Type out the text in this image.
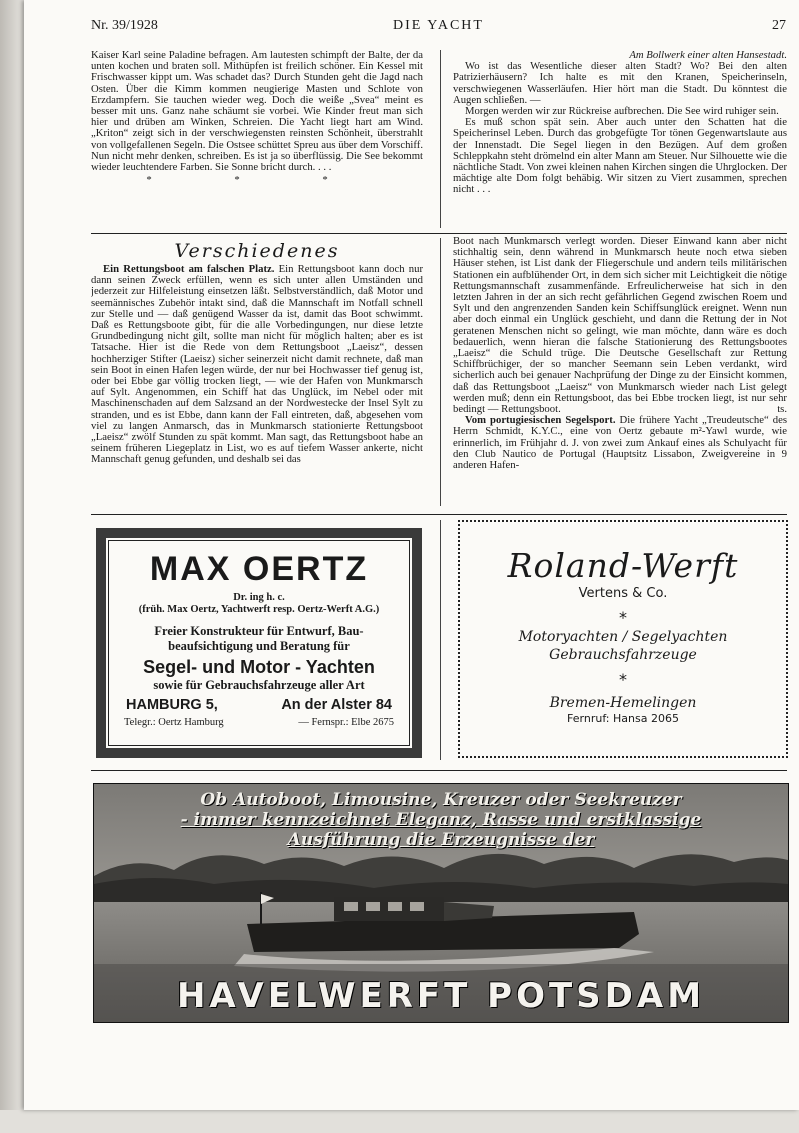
Nr. 39/1928	DIE YACHT	27

Kaiser Karl seine Paladine befragen. Am lautesten schimpft der Balte, der da unten kochen und braten soll. Mithüpfen ist freilich schöner. Ein Kessel mit Frischwasser kippt um. Was schadet das? Durch Stunden geht die Jagd nach Osten. Über die Kimm kommen neugierige Masten und Schlote von Erzdampfern. Sie tauchen wieder weg. Doch die weiße „Svea“ meint es besser mit uns. Ganz nahe schäumt sie vorbei. Wie Kinder freut man sich hier und drüben am Winken, Schreien. Die Yacht liegt hart am Wind. „Kriton“ zeigt sich in der verschwiegensten reinsten Schönheit, überstrahlt von vollgefallenen Segeln. Die Ostsee schüttet Spreu aus über dem Vorschiff. Nun nicht mehr denken, schreiben. Es ist ja so überflüssig. Die See bekommt wieder leuchtendere Farben. Sie Sonne bricht durch. . . .

* * *

Am Bollwerk einer alten Hansestadt.

Wo ist das Wesentliche dieser alten Stadt? Wo? Bei den alten Patrizierhäusern? Ich halte es mit den Kranen, Speicherinseln, verschwiegenen Wasserläufen. Hier hört man die Stadt. Du könntest die Augen schließen. —

Morgen werden wir zur Rückreise aufbrechen. Die See wird ruhiger sein.

Es muß schon spät sein. Aber auch unter den Schatten hat die Speicherinsel Leben. Durch das grobgefügte Tor tönen Gegenwartslaute aus der Innenstadt. Die Segel liegen in den Bezügen. Auf dem großen Schleppkahn steht drömelnd ein alter Mann am Steuer. Nur Silhouette wie die nächtliche Stadt. Von zwei kleinen nahen Kirchen singen die Uhrglocken. Der mächtige alte Dom folgt behäbig. Wir sitzen zu Viert zusammen, sprechen nicht . . .

Verschiedenes

Ein Rettungsboot am falschen Platz. Ein Rettungsboot kann doch nur dann seinen Zweck erfüllen, wenn es sich unter allen Umständen und jederzeit zur Hilfeleistung einsetzen läßt. Selbstverständlich, daß Motor und seemännisches Zubehör intakt sind, daß die Mannschaft im Notfall schnell zur Stelle und — daß genügend Wasser da ist, damit das Boot schwimmt. Daß es Rettungsboote gibt, für die alle Vorbedingungen, nur diese letzte Grundbedingung nicht gilt, sollte man nicht für möglich halten; aber es ist Tatsache. Hier ist die Rede von dem Rettungsboot „Laeisz“, dessen hochherziger Stifter (Laeisz) sicher seinerzeit nicht damit rechnete, daß man sein Boot in einen Hafen legen würde, der nur bei Hochwasser tief genug ist, oder bei Ebbe gar völlig trocken liegt, — wie der Hafen von Munkmarsch auf Sylt. Angenommen, ein Schiff hat das Unglück, im Nebel oder mit Maschinenschaden auf dem Salzsand an der Nordwestecke der Insel Sylt zu stranden, und es ist Ebbe, dann kann der Fall eintreten, daß, abgesehen vom viel zu langen Anmarsch, das in Munkmarsch stationierte Rettungsboot „Laeisz“ zwölf Stunden zu spät kommt. Man sagt, das Rettungsboot habe an seinem früheren Liegeplatz in List, wo es auf tiefem Wasser ankerte, nicht Mannschaft genug gefunden, und deshalb sei das

Boot nach Munkmarsch verlegt worden. Dieser Einwand kann aber nicht stichhaltig sein, denn während in Munkmarsch heute noch etwa sieben Häuser stehen, ist List dank der Fliegerschule und andern teils militärischen Stationen ein aufblühender Ort, in dem sich sicher mit Leichtigkeit die nötige Rettungsmannschaft zusammenfände. Erfreulicherweise hat sich in den letzten Jahren in der an sich recht gefährlichen Gegend zwischen Roem und Sylt und den angrenzenden Sanden kein Schiffsunglück ereignet. Wenn nun aber doch einmal ein Unglück geschieht, und dann die Rettung der in Not geratenen Menschen nicht so gelingt, wie man möchte, dann wäre es doch bedauerlich, wenn hieran die falsche Stationierung des Rettungsbootes „Laeisz“ die Schuld trüge. Die Deutsche Gesellschaft zur Rettung Schiffbrüchiger, der so mancher Seemann sein Leben verdankt, wird sicherlich auch bei genauer Nachprüfung der Dinge zu der Einsicht kommen, daß das Rettungsboot „Laeisz“ von Munkmarsch wieder nach List gelegt werden muß; denn ein Rettungsboot, das bei Ebbe trocken liegt, ist nur sehr bedingt — Rettungsboot.	ts.

Vom portugiesischen Segelsport. Die frühere Yacht „Treudeutsche“ des Herrn Schmidt, K.Y.C., eine von Oertz gebaute m²-Yawl wurde, wie erinnerlich, im Frühjahr d. J. von zwei zum Ankauf eines als Schulyacht für den Club Nautico de Portugal (Hauptsitz Lissabon, Zweigvereine in 9 anderen Hafen-

MAX OERTZ
Dr. ing h. c.
(früh. Max Oertz, Yachtwerft resp. Oertz-Werft A.G.)
Freier Konstrukteur für Entwurf, Bau-
beaufsichtigung und Beratung für
Segel- und Motor - Yachten
sowie für Gebrauchsfahrzeuge aller Art
HAMBURG 5,	An der Alster 84
Telegr.: Oertz Hamburg	— Fernspr.: Elbe 2675
Roland-Werft
Vertens & Co.
*
Motoryachten / Segelyachten
Gebrauchsfahrzeuge
*
Bremen-Hemelingen
Fernruf: Hansa 2065
Ob Autoboot, Limousine, Kreuzer oder Seekreuzer
- immer kennzeichnet Eleganz, Rasse und erstklassige
Ausführung die Erzeugnisse der
HAVELWERFT POTSDAM
